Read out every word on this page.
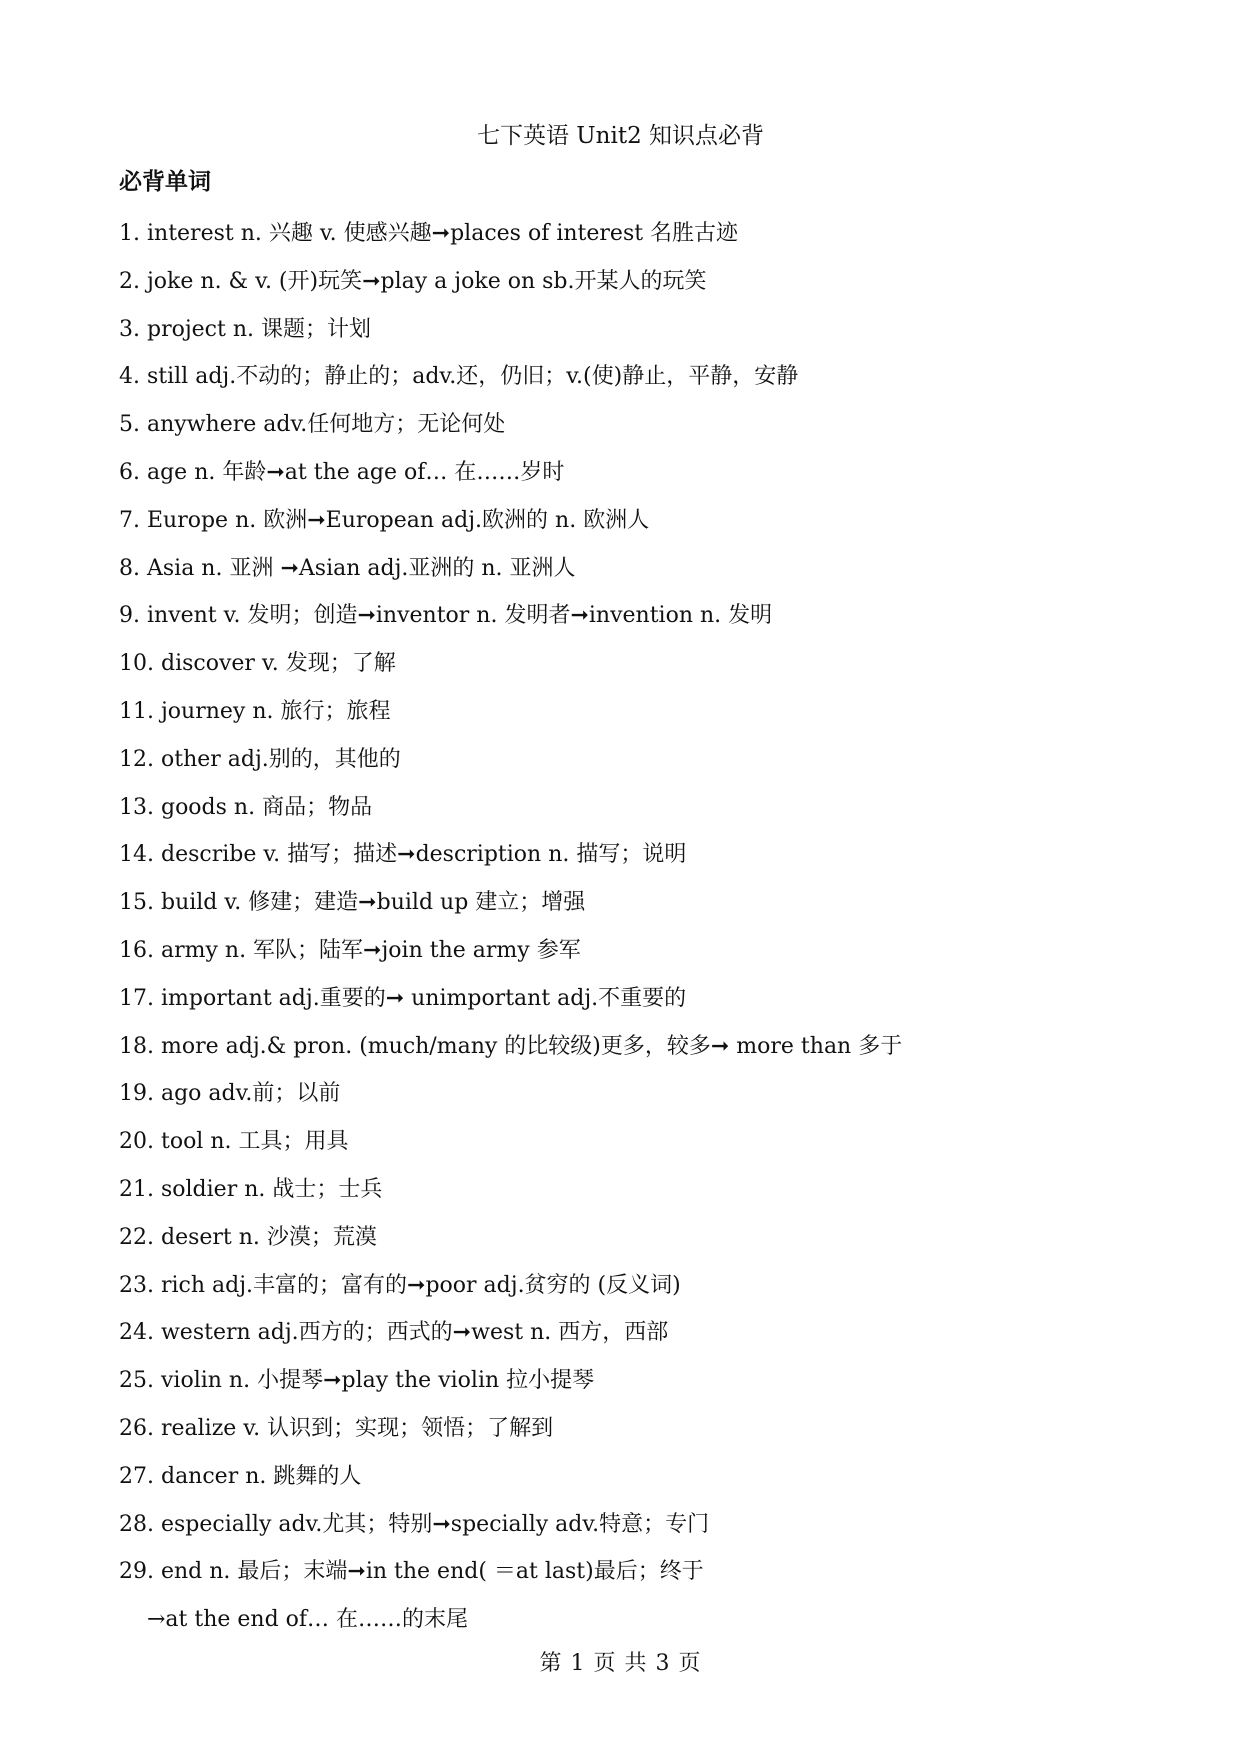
七下英语 Unit2 知识点必背
必背单词
1. interest n. 兴趣 v. 使感兴趣➞places of interest 名胜古迹
2. joke n. & v. (开)玩笑➞play a joke on sb.开某人的玩笑
3. project n. 课题；计划
4. still adj.不动的；静止的；adv.还，仍旧；v.(使)静止，平静，安静
5. anywhere adv.任何地方；无论何处
6. age n. 年龄➞at the age of… 在……岁时
7. Europe n. 欧洲➞European adj.欧洲的 n. 欧洲人
8. Asia n. 亚洲 ➞Asian adj.亚洲的 n. 亚洲人
9. invent v. 发明；创造➞inventor n. 发明者➞invention n. 发明
10. discover v. 发现；了解
11. journey n. 旅行；旅程
12. other adj.别的，其他的
13. goods n. 商品；物品
14. describe v. 描写；描述➞description n. 描写；说明
15. build v. 修建；建造➞build up 建立；增强
16. army n. 军队；陆军➞join the army 参军
17. important adj.重要的➞ unimportant adj.不重要的
18. more adj.& pron. (much/many 的比较级)更多，较多➞ more than 多于
19. ago adv.前；以前
20. tool n. 工具；用具
21. soldier n. 战士；士兵
22. desert n. 沙漠；荒漠
23. rich adj.丰富的；富有的➞poor adj.贫穷的 (反义词)
24. western adj.西方的；西式的➞west n. 西方，西部
25. violin n. 小提琴➞play the violin 拉小提琴
26. realize v. 认识到；实现；领悟；了解到
27. dancer n. 跳舞的人
28. especially adv.尤其；特别➞specially adv.特意；专门
29. end n. 最后；末端➞in the end( ＝at last)最后；终于
→at the end of… 在……的末尾
第 1 页 共 3 页
